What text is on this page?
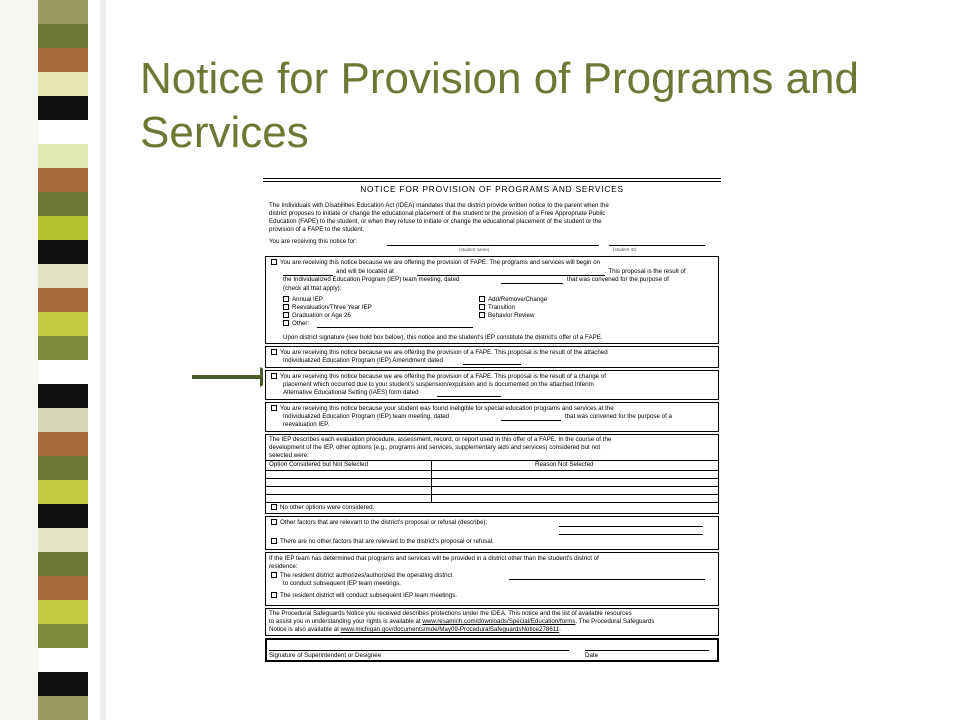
Notice for Provision of Programs and
Services
NOTICE FOR PROVISION OF PROGRAMS AND SERVICES
The Individuals with Disabilities Education Act (IDEA) mandates that the district provide written notice to the parent when the
district proposes to initiate or change the educational placement of the student or the provision of a Free Appropriate Public
Education (FAPE) to the student, or when they refuse to initiate or change the educational placement of the student or the
provision of a FAPE to the student.
You are receiving this notice for:
(student name)	(student ID)
You are receiving this notice because we are offering the provision of FAPE. The programs and services will begin on
and will be located at	. This proposal is the result of
the Individualized Education Program (IEP) team meeting, dated	that was convened for the purpose of
(check all that apply):
Annual IEP
Reevaluation/Three Year IEP
Graduation or Age 26
Other:
Add/Remove/Change
Transition
Behavior Review
Upon district signature (see bold box below), this notice and the student's IEP constitute the district's offer of a FAPE.
You are receiving this notice because we are offering the provision of a FAPE. This proposal is the result of the attached
Individualized Education Program (IEP) Amendment dated
You are receiving this notice because we are offering the provision of a FAPE. This proposal is the result of a change of
placement which occurred due to your student's suspension/expulsion and is documented on the attached Interim
Alternative Educational Setting (IAES) form dated
You are receiving this notice because your student was found ineligible for special education programs and services at the
Individualized Education Program (IEP) team meeting, dated	that was convened for the purpose of a
reevaluation IEP.
The IEP describes each evaluation procedure, assessment, record, or report used in this offer of a FAPE. In the course of the
development of the IEP, other options (e.g., programs and services, supplementary aids and services) considered but not
selected were:
Option Considered but Not Selected	Reason Not Selected
No other options were considered.
Other factors that are relevant to the district's proposal or refusal (describe):
There are no other factors that are relevant to the district's proposal or refusal.
If the IEP team has determined that programs and services will be provided in a district other than the student's district of
residence:
The resident district authorizes/authorized the operating district
to conduct subsequent IEP team meetings.
The resident district will conduct subsequent IEP team meetings.
The Procedural Safeguards Notice you received describes protections under the IDEA. This notice and the list of available resources
to assist you in understanding your rights is available at www.resamich.com/downloads/Special/Education/forms. The Procedural Safeguards
Notice is also available at www.michigan.gov/documents/mde/May09-ProceduralSafeguardsNotice278611.
Signature of Superintendent or Designee	Date
